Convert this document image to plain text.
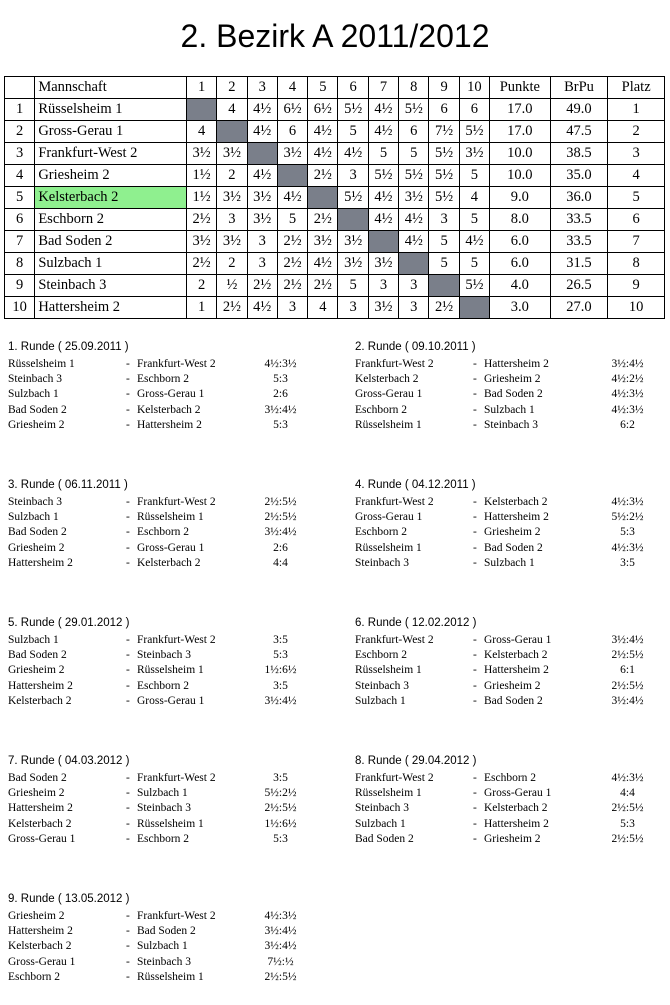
2. Bezirk A 2011/2012
	Mannschaft	1	2	3	4	5	6	7	8	9	10	Punkte	BrPu	Platz
1	Rüsselsheim 1		4	4½	6½	6½	5½	4½	5½	6	6	17.0	49.0	1
2	Gross-Gerau 1	4		4½	6	4½	5	4½	6	7½	5½	17.0	47.5	2
3	Frankfurt-West 2	3½	3½		3½	4½	4½	5	5	5½	3½	10.0	38.5	3
4	Griesheim 2	1½	2	4½		2½	3	5½	5½	5½	5	10.0	35.0	4
5	Kelsterbach 2	1½	3½	3½	4½		5½	4½	3½	5½	4	9.0	36.0	5
6	Eschborn 2	2½	3	3½	5	2½		4½	4½	3	5	8.0	33.5	6
7	Bad Soden 2	3½	3½	3	2½	3½	3½		4½	5	4½	6.0	33.5	7
8	Sulzbach 1	2½	2	3	2½	4½	3½	3½		5	5	6.0	31.5	8
9	Steinbach 3	2	½	2½	2½	2½	5	3	3		5½	4.0	26.5	9
10	Hattersheim 2	1	2½	4½	3	4	3	3½	3	2½		3.0	27.0	10
1. Runde ( 25.09.2011 )
Rüsselsheim 1	- Frankfurt-West 2	4½:3½
Steinbach 3	- Eschborn 2	5:3
Sulzbach 1	- Gross-Gerau 1	2:6
Bad Soden 2	- Kelsterbach 2	3½:4½
Griesheim 2	- Hattersheim 2	5:3
2. Runde ( 09.10.2011 )
Frankfurt-West 2	- Hattersheim 2	3½:4½
Kelsterbach 2	- Griesheim 2	4½:2½
Gross-Gerau 1	- Bad Soden 2	4½:3½
Eschborn 2	- Sulzbach 1	4½:3½
Rüsselsheim 1	- Steinbach 3	6:2
3. Runde ( 06.11.2011 )
Steinbach 3	- Frankfurt-West 2	2½:5½
Sulzbach 1	- Rüsselsheim 1	2½:5½
Bad Soden 2	- Eschborn 2	3½:4½
Griesheim 2	- Gross-Gerau 1	2:6
Hattersheim 2	- Kelsterbach 2	4:4
4. Runde ( 04.12.2011 )
Frankfurt-West 2	- Kelsterbach 2	4½:3½
Gross-Gerau 1	- Hattersheim 2	5½:2½
Eschborn 2	- Griesheim 2	5:3
Rüsselsheim 1	- Bad Soden 2	4½:3½
Steinbach 3	- Sulzbach 1	3:5
5. Runde ( 29.01.2012 )
Sulzbach 1	- Frankfurt-West 2	3:5
Bad Soden 2	- Steinbach 3	5:3
Griesheim 2	- Rüsselsheim 1	1½:6½
Hattersheim 2	- Eschborn 2	3:5
Kelsterbach 2	- Gross-Gerau 1	3½:4½
6. Runde ( 12.02.2012 )
Frankfurt-West 2	- Gross-Gerau 1	3½:4½
Eschborn 2	- Kelsterbach 2	2½:5½
Rüsselsheim 1	- Hattersheim 2	6:1
Steinbach 3	- Griesheim 2	2½:5½
Sulzbach 1	- Bad Soden 2	3½:4½
7. Runde ( 04.03.2012 )
Bad Soden 2	- Frankfurt-West 2	3:5
Griesheim 2	- Sulzbach 1	5½:2½
Hattersheim 2	- Steinbach 3	2½:5½
Kelsterbach 2	- Rüsselsheim 1	1½:6½
Gross-Gerau 1	- Eschborn 2	5:3
8. Runde ( 29.04.2012 )
Frankfurt-West 2	- Eschborn 2	4½:3½
Rüsselsheim 1	- Gross-Gerau 1	4:4
Steinbach 3	- Kelsterbach 2	2½:5½
Sulzbach 1	- Hattersheim 2	5:3
Bad Soden 2	- Griesheim 2	2½:5½
9. Runde ( 13.05.2012 )
Griesheim 2	- Frankfurt-West 2	4½:3½
Hattersheim 2	- Bad Soden 2	3½:4½
Kelsterbach 2	- Sulzbach 1	3½:4½
Gross-Gerau 1	- Steinbach 3	7½:½
Eschborn 2	- Rüsselsheim 1	2½:5½
